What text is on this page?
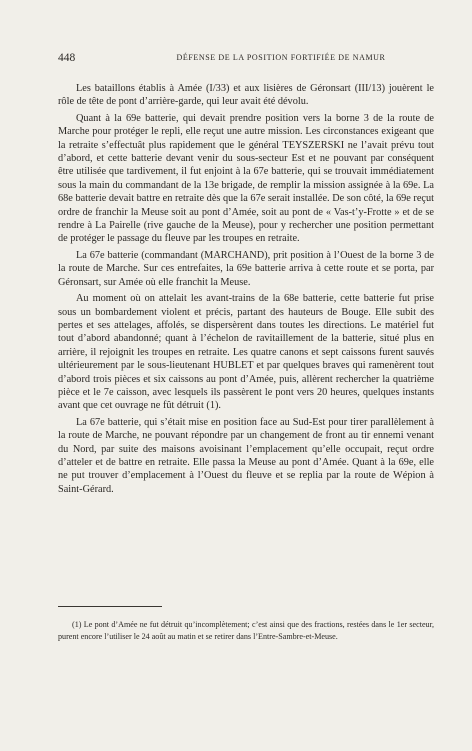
448	DÉFENSE DE LA POSITION FORTIFIÉE DE NAMUR

Les bataillons établis à Amée (I/33) et aux lisières de Géronsart (III/13) jouèrent le rôle de tête de pont d’arrière-garde, qui leur avait été dévolu.

Quant à la 69e batterie, qui devait prendre position vers la borne 3 de la route de Marche pour protéger le repli, elle reçut une autre mission. Les circonstances exigeant que la retraite s’effectuât plus rapidement que le général TEYSZERSKI ne l’avait prévu tout d’abord, et cette batterie devant venir du sous-secteur Est et ne pouvant par conséquent être utilisée que tardivement, il fut enjoint à la 67e batterie, qui se trouvait immédiatement sous la main du commandant de la 13e brigade, de remplir la mission assignée à la 69e. La 68e batterie devait battre en retraite dès que la 67e serait installée. De son côté, la 69e reçut ordre de franchir la Meuse soit au pont d’Amée, soit au pont de « Vas-t’y-Frotte » et de se rendre à La Pairelle (rive gauche de la Meuse), pour y rechercher une position permettant de protéger le passage du fleuve par les troupes en retraite.

La 67e batterie (commandant (MARCHAND), prit position à l’Ouest de la borne 3 de la route de Marche. Sur ces entrefaites, la 69e batterie arriva à cette route et se porta, par Géronsart, sur Amée où elle franchit la Meuse.

Au moment où on attelait les avant-trains de la 68e batterie, cette batterie fut prise sous un bombardement violent et précis, partant des hauteurs de Bouge. Elle subit des pertes et ses attelages, affolés, se dispersèrent dans toutes les directions. Le matériel fut tout d’abord abandonné; quant à l’échelon de ravitaillement de la batterie, situé plus en arrière, il rejoignit les troupes en retraite. Les quatre canons et sept caissons furent sauvés ultérieurement par le sous-lieutenant HUBLET et par quelques braves qui ramenèrent tout d’abord trois pièces et six caissons au pont d’Amée, puis, allèrent rechercher la quatrième pièce et le 7e caisson, avec lesquels ils passèrent le pont vers 20 heures, quelques instants avant que cet ouvrage ne fût détruit (1).

La 67e batterie, qui s’était mise en position face au Sud-Est pour tirer parallèlement à la route de Marche, ne pouvant répondre par un changement de front au tir ennemi venant du Nord, par suite des maisons avoisinant l’emplacement qu’elle occupait, reçut ordre d’atteler et de battre en retraite. Elle passa la Meuse au pont d’Amée. Quant à la 69e, elle ne put trouver d’emplacement à l’Ouest du fleuve et se replia par la route de Wépion à Saint-Gérard.

(1) Le pont d’Amée ne fut détruit qu’incomplètement; c’est ainsi que des fractions, restées dans le 1er secteur, purent encore l’utiliser le 24 août au matin et se retirer dans l’Entre-Sambre-et-Meuse.
